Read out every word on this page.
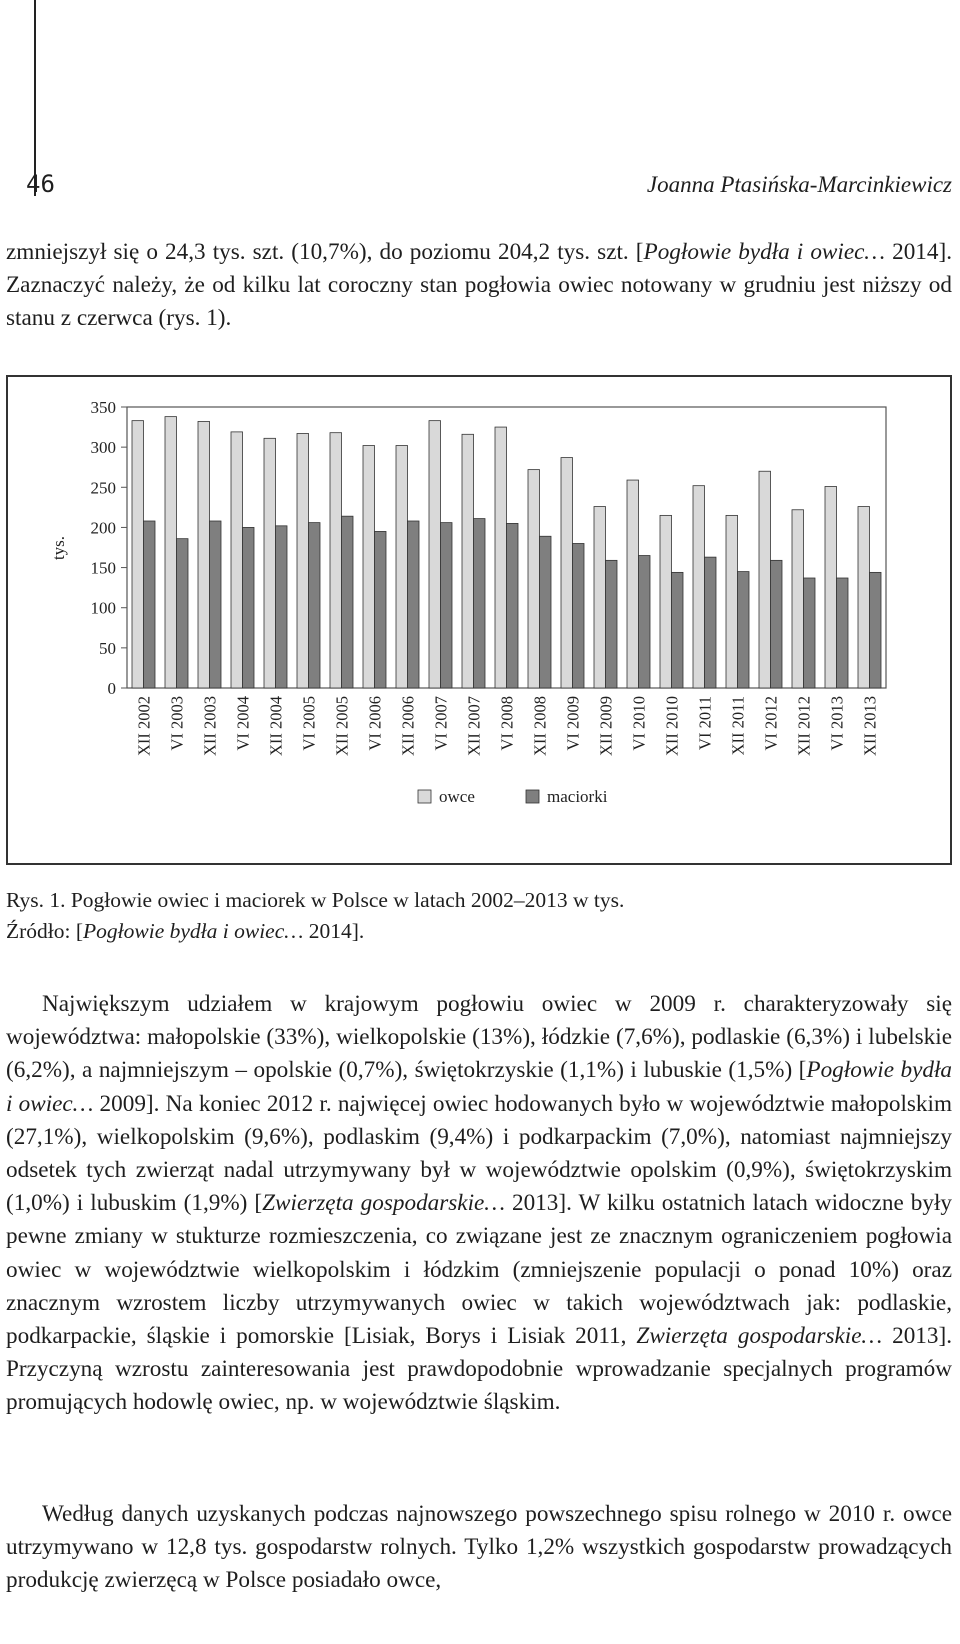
46	Joanna Ptasińska-Marcinkiewicz

zmniejszył się o 24,3 tys. szt. (10,7%), do poziomu 204,2 tys. szt. [Pogłowie bydła i owiec… 2014]. Zaznaczyć należy, że od kilku lat coroczny stan pogłowia owiec notowany w grudniu jest niższy od stanu z czerwca (rys. 1).

0
50
100
150
200
250
300
350
tys.
XII 2002 VI 2003 XII 2003 VI 2004 XII 2004 VI 2005 XII 2005 VI 2006 XII 2006 VI 2007 XII 2007 VI 2008 XII 2008 VI 2009 XII 2009 VI 2010 XII 2010 VI 2011 XII 2011 VI 2012 XII 2012 VI 2013 XII 2013
owce	maciorki
Rys. 1. Pogłowie owiec i maciorek w Polsce w latach 2002–2013 w tys.
Źródło: [Pogłowie bydła i owiec… 2014].

Największym udziałem w krajowym pogłowiu owiec w 2009 r. charakteryzowały się województwa: małopolskie (33%), wielkopolskie (13%), łódzkie (7,6%), podlaskie (6,3%) i lubelskie (6,2%), a najmniejszym – opolskie (0,7%), świętokrzyskie (1,1%) i lubuskie (1,5%) [Pogłowie bydła i owiec… 2009]. Na koniec 2012 r. najwięcej owiec hodowanych było w województwie małopolskim (27,1%), wielkopolskim (9,6%), podlaskim (9,4%) i podkarpackim (7,0%), natomiast najmniejszy odsetek tych zwierząt nadal utrzymywany był w województwie opolskim (0,9%), świętokrzyskim (1,0%) i lubuskim (1,9%) [Zwierzęta gospodarskie… 2013]. W kilku ostatnich latach widoczne były pewne zmiany w stukturze rozmieszczenia, co związane jest ze znacznym ograniczeniem pogłowia owiec w województwie wielkopolskim i łódzkim (zmniejszenie populacji o ponad 10%) oraz znacznym wzrostem liczby utrzymywanych owiec w takich województwach jak: podlaskie, podkarpackie, śląskie i pomorskie [Lisiak, Borys i Lisiak 2011, Zwierzęta gospodarskie… 2013]. Przyczyną wzrostu zainteresowania jest prawdopodobnie wprowadzanie specjalnych programów promujących hodowlę owiec, np. w województwie śląskim.

Według danych uzyskanych podczas najnowszego powszechnego spisu rolnego w 2010 r. owce utrzymywano w 12,8 tys. gospodarstw rolnych. Tylko 1,2% wszystkich gospodarstw prowadzących produkcję zwierzęcą w Polsce posiadało owce,
